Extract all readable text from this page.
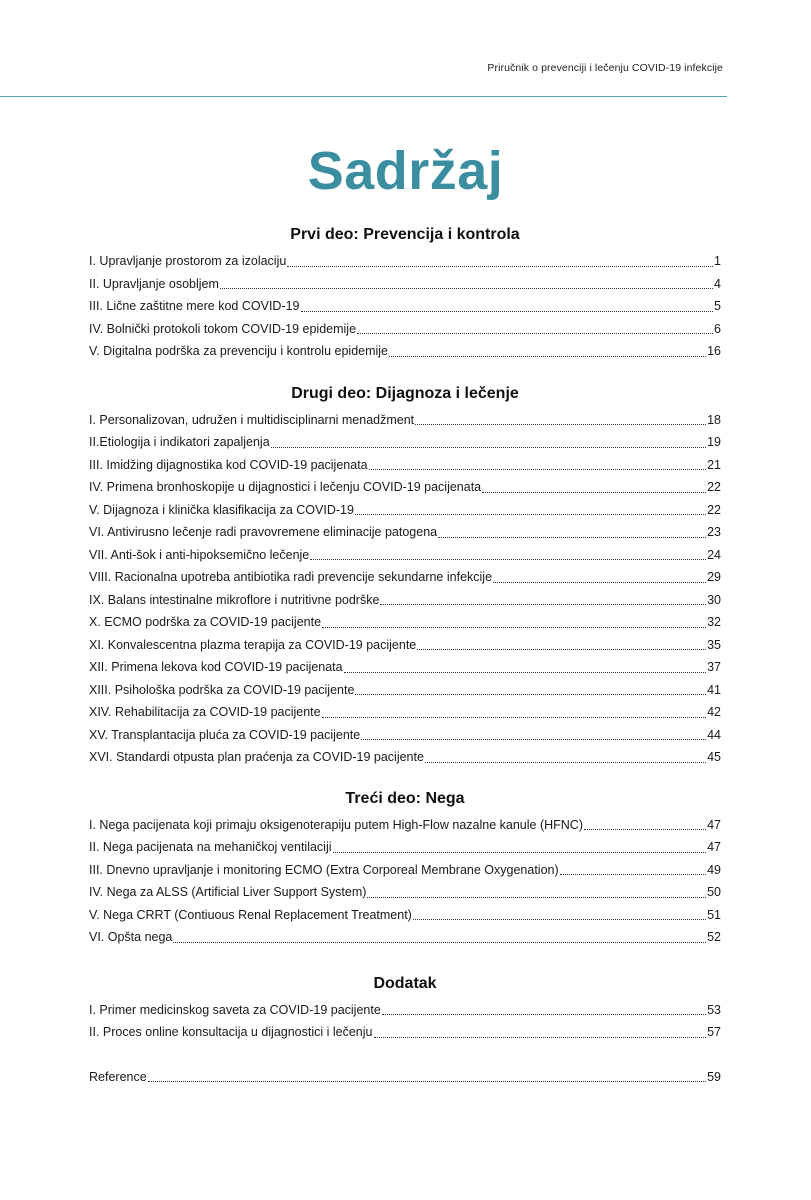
Priručnik o prevenciji i lečenju COVID-19 infekcije
Sadržaj
Prvi deo: Prevencija i kontrola
I. Upravljanje prostorom za izolaciju	1
II. Upravljanje osobljem	4
III. Lične zaštitne mere kod COVID-19	5
IV. Bolnički protokoli tokom COVID-19 epidemije	6
V. Digitalna podrška za prevenciju i kontrolu epidemije	16
Drugi deo: Dijagnoza i lečenje
I. Personalizovan, udružen i multidisciplinarni menadžment	18
II.Etiologija i indikatori zapaljenja	19
III. Imidžing dijagnostika kod COVID-19 pacijenata	21
IV. Primena bronhoskopije u dijagnostici i lečenju COVID-19 pacijenata	22
V. Dijagnoza i klinička klasifikacija za COVID-19	22
VI. Antivirusno lečenje radi pravovremene eliminacije patogena	23
VII. Anti-šok i anti-hipoksemično lečenje	24
VIII. Racionalna upotreba antibiotika radi prevencije sekundarne infekcije	29
IX. Balans intestinalne mikroflore i nutritivne podrške	30
X. ECMO podrška za COVID-19 pacijente	32
XI. Konvalescentna plazma terapija za COVID-19 pacijente	35
XII. Primena lekova kod COVID-19 pacijenata	37
XIII. Psihološka podrška za COVID-19 pacijente	41
XIV. Rehabilitacija za COVID-19 pacijente	42
XV. Transplantacija pluća za COVID-19 pacijente	44
XVI. Standardi otpusta plan praćenja za COVID-19 pacijente	45
Treći deo: Nega
I. Nega pacijenata koji primaju oksigenoterapiju putem High-Flow nazalne kanule (HFNC)	47
II. Nega pacijenata na mehaničkoj ventilaciji	47
III. Dnevno upravljanje i monitoring ECMO (Extra Corporeal Membrane Oxygenation)	49
IV. Nega za ALSS (Artificial Liver Support System)	50
V. Nega CRRT (Contiuous Renal Replacement Treatment)	51
VI. Opšta nega	52
Dodatak
I. Primer medicinskog saveta za COVID-19 pacijente	53
II. Proces online konsultacija u dijagnostici i lečenju	57
Reference	59
